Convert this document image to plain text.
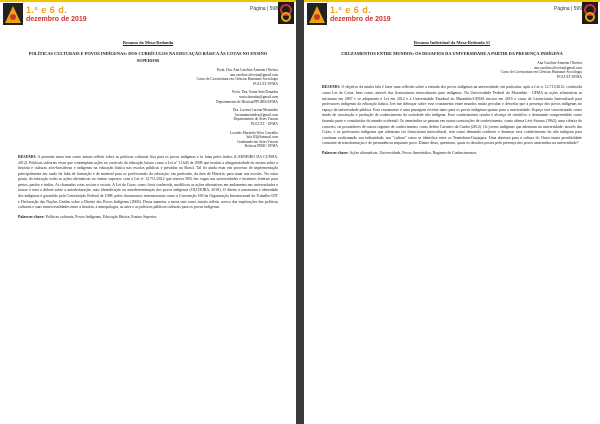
1.º e 6 d.
dezembro de 2019
Página | 598
Resumo da Mesa-Redonda
POLÍTICAS CULTURAIS E POVOS INDÍGENAS: DOS CURRÍCULOS NA EDUCAÇÃO BÁSICA ÀS COTAS NO ENSINO SUPERIOR
Profa. Dra. Ana Caroline Amorim Oliveira
ana.caroline.oliveira@gmail.com
Curso de Licenciatura em Ciências Humanas-Sociologia
PGCULT-UFMA
Profa. Dra. Sonia Salo Donadas
sonia.donadas@gmail.com
Departamento de História/PPGHIS/UFMA
Dra. Lucena Lucena Menendez
lucianamenindez@gmail.com
Departamento de Artes Visuais
PGCULT - UFMA
Lourdes Marinela Silva Carvalho
lulu.83@hotmail.com
Graduanda em Artes Visuais
Bolsista PIBIC-UFMA
RESUMO: A presente mesa tem como intuito refletir sobre as políticas culturais fixa para os povos indígenas e às lutas pelos índios (CARNEIRO DA CUNHA, 2012). Políticas culturais essas que contemplam ações no currículo da educação básica como a Lei nº 11.645 de 2008 que institui a obrigatoriedade do ensino sobre a história e culturas afro-brasileiras e indígenas na educação básica nas escolas públicas e privadas no Brasil. Tal lei ainda estar em processo de implementação principalmente em razão da falta de formação e de material para os profissionais da educação, em particular, da área de História, para atuar nas escolas. Na outra ponta, da educação estão as ações afirmativas no ensino superior, com a Lei nº 12.711/2012 que reserva 50% das vagas nas universidades e institutos federais para pretos, pardos e índios. As chamadas cotas sociais e raciais. A Lei de Cotas, como ficou conhecida, modificou as ações afirmativas em andamento nas universidades e trouxe à tona o debate sobre a autodeclaração, auto identificação ou autodeterminação dos povos indígenas (OLIVEIRA, 2018). O direito à autonomia e identidade dos indígenas é garantido pela Constituição Federal de 1988, pelos documentos internacionais como a Convenção 169 da Organização Internacional do Trabalho-OIT e Declaração das Nações Unidas sobre o Direito dos Povos Indígenas (2006). Dessa maneira, a mesa tem como intuito refletir acerca das implicações das políticas culturais e suas transversalidades entre a história, a antropologia, as artes e as políticas públicas culturais para os povos indígenas.
Palavras-chave: Políticas culturais, Povos Indígenas, Educação Básica, Ensino Superior.
1.º e 6 d.
dezembro de 2019
Página | 599
Resumo Individual da Mesa-Redonda #1
CRUZAMENTOS ENTRE MUNDOS: OS DESAFIOS DA UNIVERSIDADE A PARTIR DA PRESENÇA INDÍGENA
Ana Caroline Amorim Oliveira
ana.caroline.oliveira@gmail.com
Curso de Licenciatura em Ciências Humanas-Sociologia
PGCULT-UFMA
RESUMO: O objetivo da minha fala é fazer uma reflexão sobre a entrada dos povos indígenas na universidade, em particular, após a Lei n. 12.711/2012, conhecida como Lei de Cotas, bem como, através das licenciaturas interculturais para indígenas. Na Universidade Federal do Maranhão - UFMA as ações afirmativas se iniciaram em 2007 e se adaptaram à Lei em 2012 e a Universidade Estadual do Maranhão-UEMA iniciou em 2016 o curso de Licenciatura Intercultural para professores indígenas da educação básica. Irei me debruçar sobre esse cruzamento entre mundos muito peculiar e desvelar que a presença dos povos indígenas no espaço da universidade pública. Esta cruzamento é uma passagem recente tanto para os povos indígenas quanto para a universidade. Espaço este caracterizado como sendo de construção e produção de conhecimento da sociedade não indígena. Esse conhecimento resulta e alcança de científico e dominante compreendido como fazendo parte e constituidor do mundo ocidental. Os ameríndios se pautam em outras construções de conhecimento, como afirma Lévi-Strauss (1962), uma ciência do concreto, ou possuidores de outros regimes de conhecimento, como define Carneiro da Cunha (2012). Os jovens indígenas que adentram na universidade, através das Cotas, e os professores indígenas que adentram via licenciatura intercultural, tem como demanda conhecer e dominar esse conhecimento do não indígena para continuar reafirmando sua indianidade, sua "cultura" como se identifica entre os Tenetehara-Guajajara. Uma abertura para a cultura do Outro numa possibilidade constante de transformação e de permanência enquanto povo. Diante disso, questiono, quais os desafios postos pela presença dos povos amerindios na universidade?
Palavras-chave: Ações afirmativas, Universidade, Povos Ameríndios, Regimes de Conhecimentos.
